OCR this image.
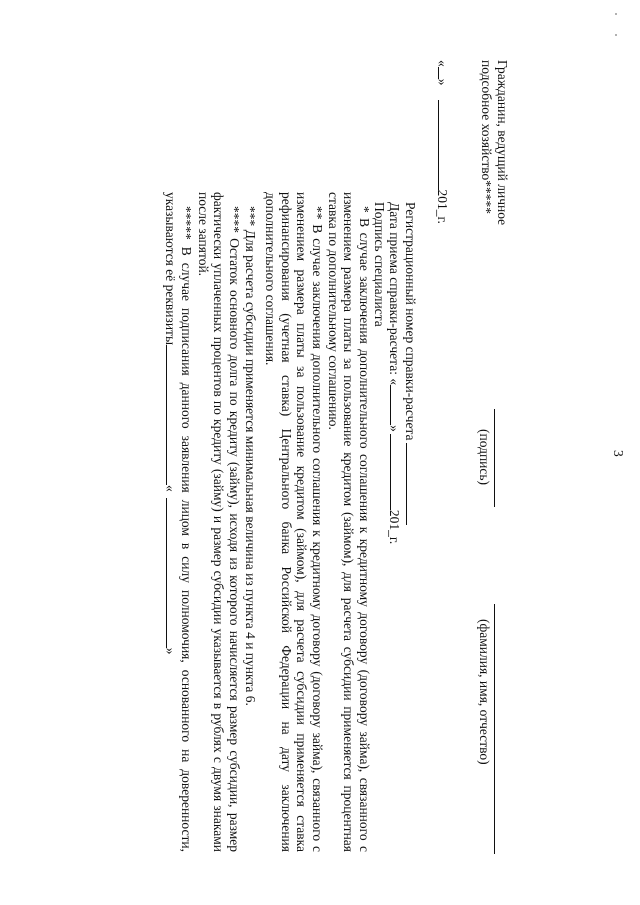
3
Гражданин, ведущий личное
подсобное хозяйство*****
(подпись)
(фамилия, имя, отчество)
«»201_г.
Регистрационный номер справки-расчета
Дата приема справки-расчета: «»201_г.
Подпись специалиста
* В случае заключения дополнительного соглашения к кредитному договору (договору займа), связанного с изменением размера платы за пользование кредитом (займом), для расчета субсидии применяется процентная ставка по дополнительному соглашению.
** В случае заключения дополнительного соглашения к кредитному договору (договору займа), связанного с изменением размера платы за пользование кредитом (займом), для расчета субсидии применяется ставка рефинансирования (учетная ставка) Центрального банка Российской Федерации на дату заключения дополнительного соглашения.
*** Для расчета субсидии применяется минимальная величина из пункта 4 и пункта 6.
**** Остаток основного долга по кредиту (займу), исходя из которого начисляется размер субсидии, размер фактически уплаченных процентов по кредиту (займу) и размер субсидии указывается в рублях с двумя знаками после запятой.
***** В случае подписания данного заявления лицом в силу полномочия, основанного на доверенности, указываются её реквизиты«»
